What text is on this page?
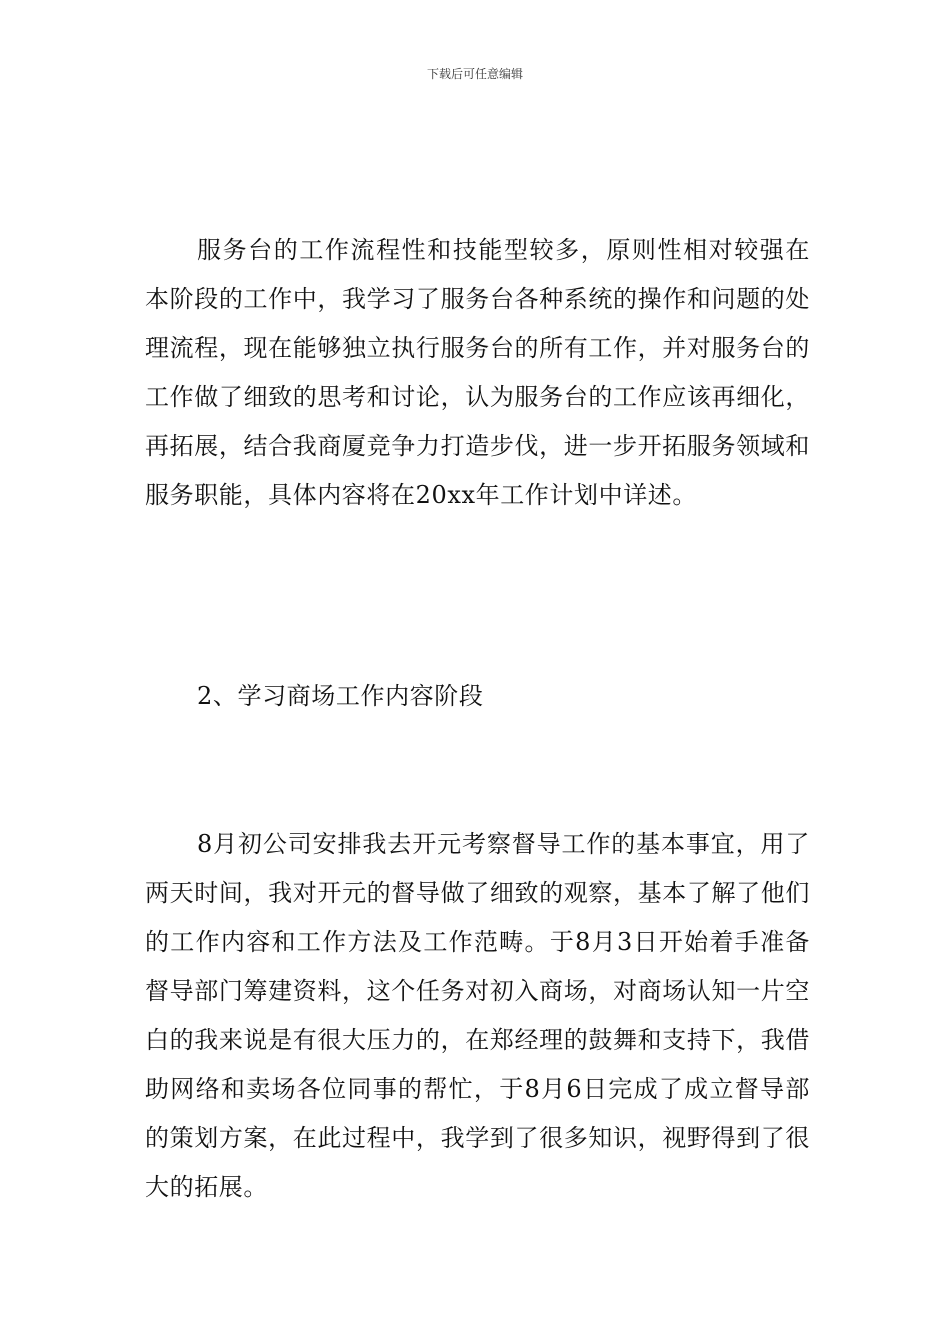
下载后可任意编辑

服务台的工作流程性和技能型较多，原则性相对较强在本阶段的工作中，我学习了服务台各种系统的操作和问题的处理流程，现在能够独立执行服务台的所有工作，并对服务台的工作做了细致的思考和讨论，认为服务台的工作应该再细化，再拓展，结合我商厦竞争力打造步伐，进一步开拓服务领域和服务职能，具体内容将在20xx年工作计划中详述。

2、学习商场工作内容阶段

8月初公司安排我去开元考察督导工作的基本事宜，用了两天时间，我对开元的督导做了细致的观察，基本了解了他们的工作内容和工作方法及工作范畴。于8月3日开始着手准备督导部门筹建资料，这个任务对初入商场，对商场认知一片空白的我来说是有很大压力的，在郑经理的鼓舞和支持下，我借助网络和卖场各位同事的帮忙，于8月6日完成了成立督导部的策划方案，在此过程中，我学到了很多知识，视野得到了很大的拓展。
